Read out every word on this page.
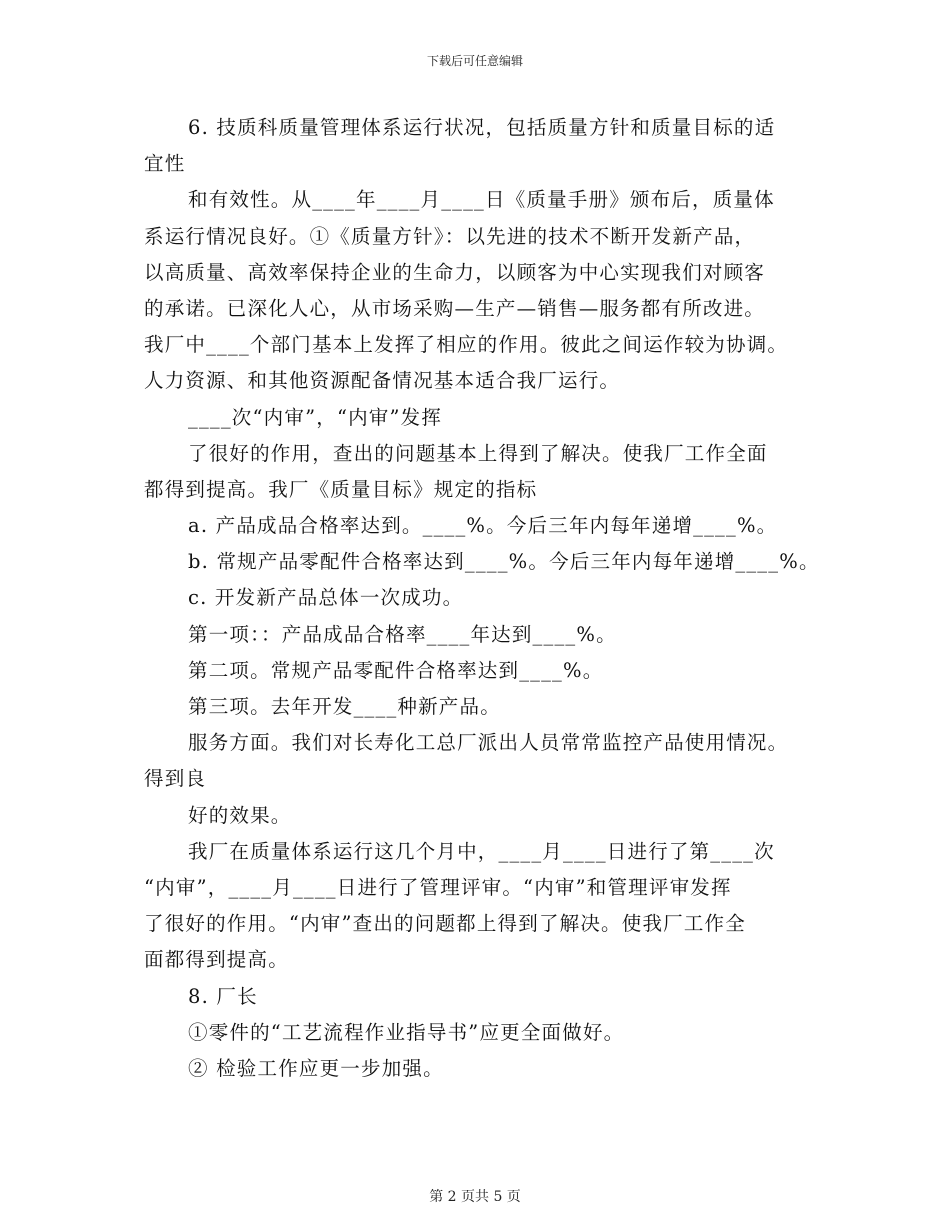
下载后可任意编辑
6. 技质科质量管理体系运行状况，包括质量方针和质量目标的适
宜性
和有效性。从____年____月____日《质量手册》颁布后，质量体
系运行情况良好。①《质量方针》：以先进的技术不断开发新产品，
以高质量、高效率保持企业的生命力，以顾客为中心实现我们对顾客
的承诺。已深化人心，从市场采购—生产—销售—服务都有所改进。
我厂中____个部门基本上发挥了相应的作用。彼此之间运作较为协调。
人力资源、和其他资源配备情况基本适合我厂运行。
____次“内审”，“内审”发挥
了很好的作用，查出的问题基本上得到了解决。使我厂工作全面
都得到提高。我厂《质量目标》规定的指标
a. 产品成品合格率达到。____%。今后三年内每年递增____%。
b. 常规产品零配件合格率达到____%。今后三年内每年递增____%。
c. 开发新产品总体一次成功。
第一项：：产品成品合格率____年达到____%。
第二项。常规产品零配件合格率达到____%。
第三项。去年开发____种新产品。
服务方面。我们对长寿化工总厂派出人员常常监控产品使用情况。
得到良
好的效果。
我厂在质量体系运行这几个月中，____月____日进行了第____次
“内审”，____月____日进行了管理评审。“内审”和管理评审发挥
了很好的作用。“内审”查出的问题都上得到了解决。使我厂工作全
面都得到提高。
8. 厂长
①零件的“工艺流程作业指导书”应更全面做好。
② 检验工作应更一步加强。
第 2 页共 5 页
